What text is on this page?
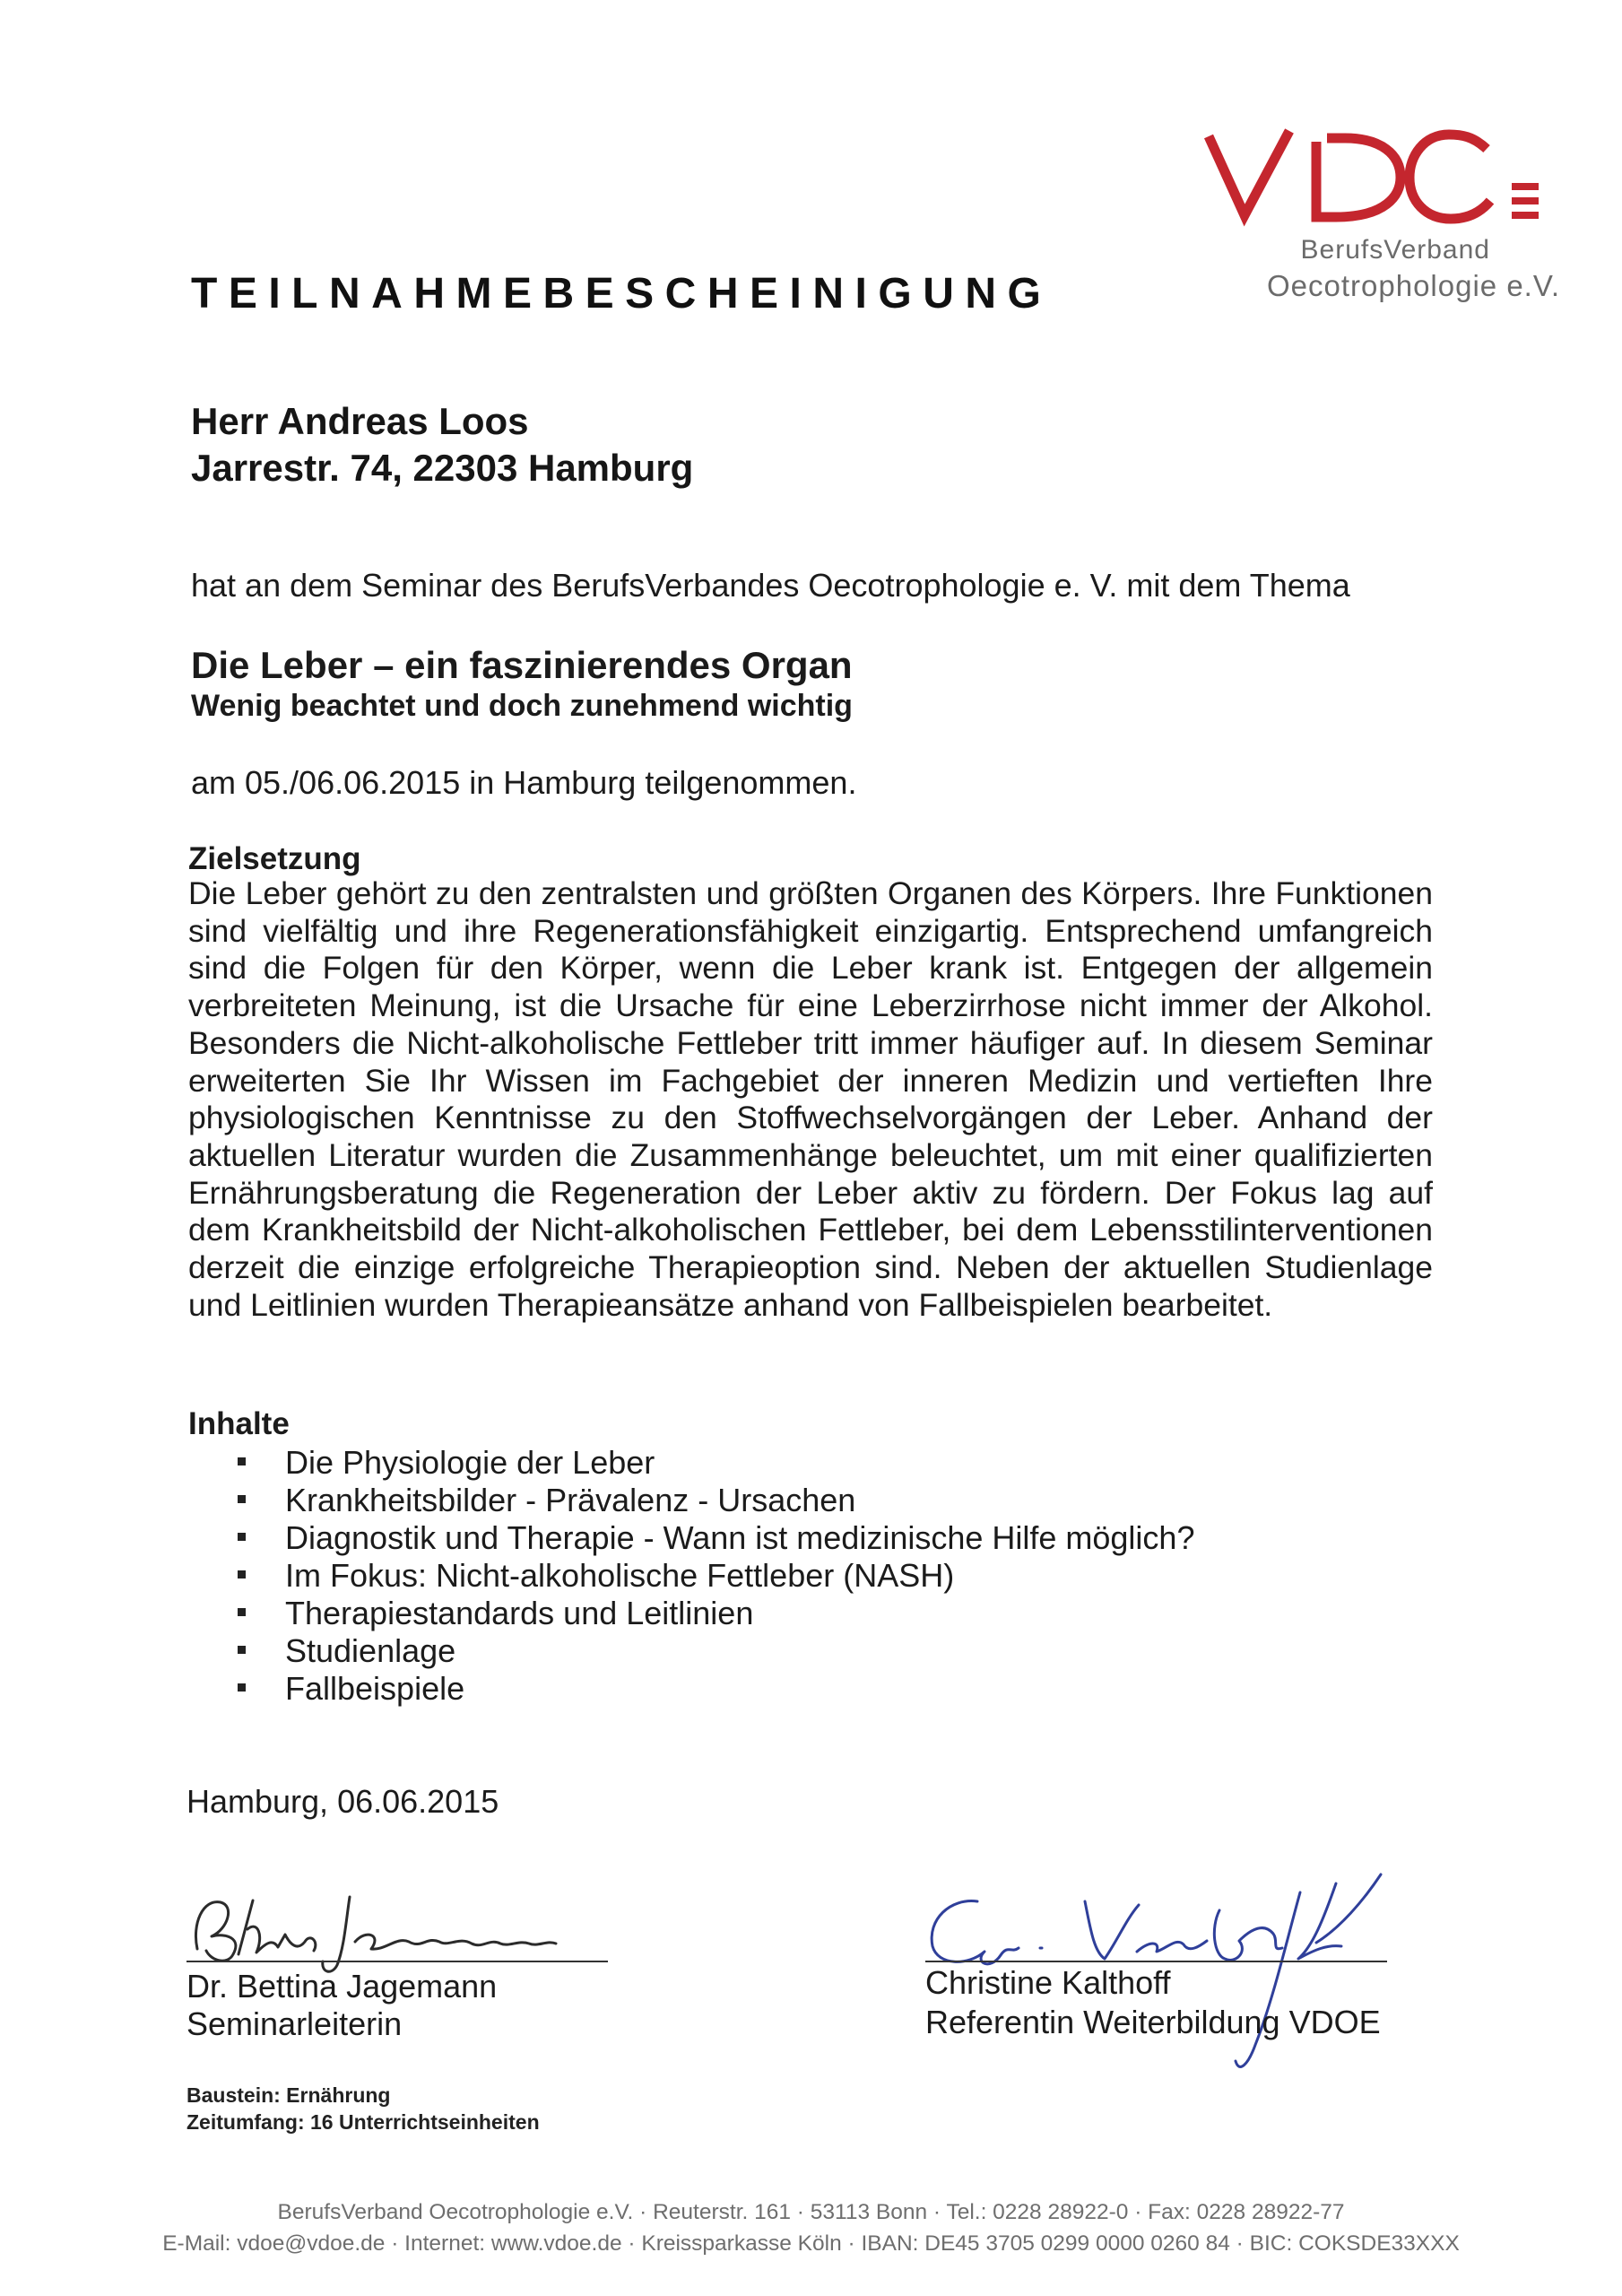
BerufsVerband
Oecotrophologie e.V.
TEILNAHMEBESCHEINIGUNG
Herr Andreas Loos
Jarrestr. 74, 22303 Hamburg
hat an dem Seminar des BerufsVerbandes Oecotrophologie e. V. mit dem Thema
Die Leber – ein faszinierendes Organ
Wenig beachtet und doch zunehmend wichtig
am 05./06.06.2015 in Hamburg teilgenommen.
Zielsetzung
Die Leber gehört zu den zentralsten und größten Organen des Körpers. Ihre Funktionen sind vielfältig und ihre Regenerationsfähigkeit einzigartig. Entsprechend umfangreich sind die Folgen für den Körper, wenn die Leber krank ist. Entgegen der allgemein verbreiteten Meinung, ist die Ursache für eine Leberzirrhose nicht immer der Alkohol. Besonders die Nicht-alkoholische Fettleber tritt immer häufiger auf. In diesem Seminar erweiterten Sie Ihr Wissen im Fachgebiet der inneren Medizin und vertieften Ihre physiologischen Kenntnisse zu den Stoffwechselvorgängen der Leber. Anhand der aktuellen Literatur wurden die Zusammenhänge beleuchtet, um mit einer qualifizierten Ernährungsberatung die Regeneration der Leber aktiv zu fördern. Der Fokus lag auf dem Krankheitsbild der Nicht-alkoholischen Fettleber, bei dem Lebensstilinterventionen derzeit die einzige erfolgreiche Therapieoption sind. Neben der aktuellen Studienlage und Leitlinien wurden Therapieansätze anhand von Fallbeispielen bearbeitet.
Inhalte
Die Physiologie der Leber
Krankheitsbilder - Prävalenz - Ursachen
Diagnostik und Therapie - Wann ist medizinische Hilfe möglich?
Im Fokus: Nicht-alkoholische Fettleber (NASH)
Therapiestandards und Leitlinien
Studienlage
Fallbeispiele
Hamburg, 06.06.2015
Dr. Bettina Jagemann
Seminarleiterin
Christine Kalthoff
Referentin Weiterbildung VDOE
Baustein: Ernährung
Zeitumfang: 16 Unterrichtseinheiten
BerufsVerband Oecotrophologie e.V. · Reuterstr. 161 · 53113 Bonn · Tel.: 0228 28922-0 · Fax: 0228 28922-77
E-Mail: vdoe@vdoe.de · Internet: www.vdoe.de · Kreissparkasse Köln · IBAN: DE45 3705 0299 0000 0260 84 · BIC: COKSDE33XXX
